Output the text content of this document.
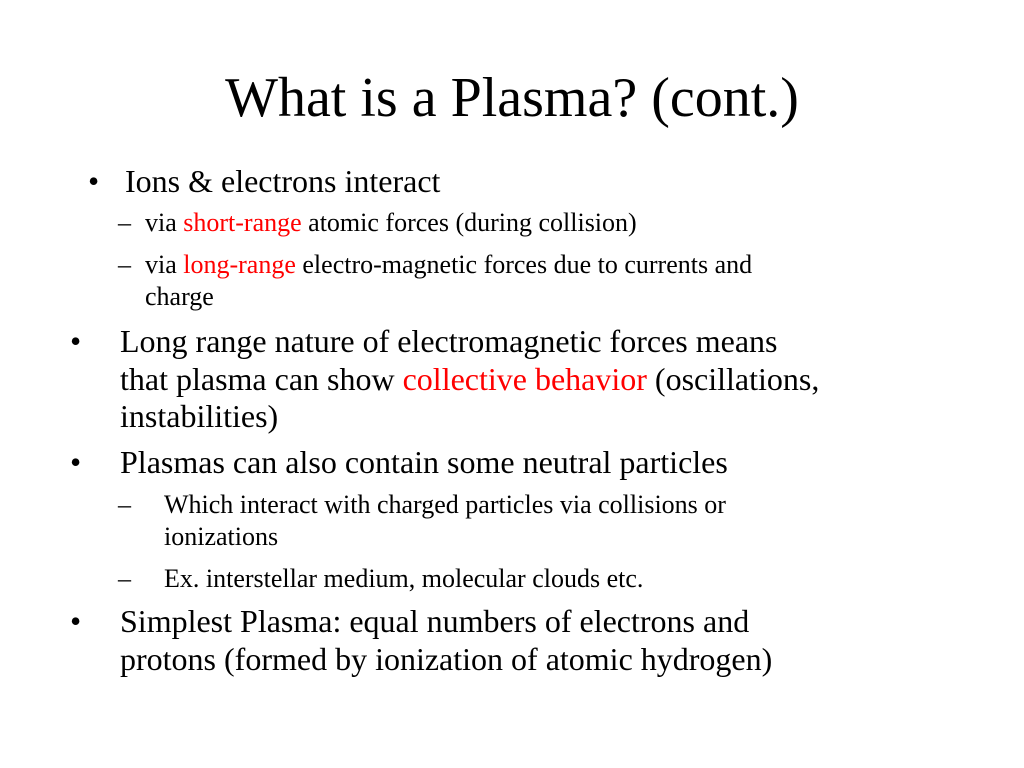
What is a Plasma? (cont.)
• Ions & electrons interact
– via short-range atomic forces (during collision)
– via long-range electro-magnetic forces due to currents and
charge
• Long range nature of electromagnetic forces means
that plasma can show collective behavior (oscillations,
instabilities)
• Plasmas can also contain some neutral particles
– Which interact with charged particles via collisions or
ionizations
– Ex. interstellar medium, molecular clouds etc.
• Simplest Plasma: equal numbers of electrons and
protons (formed by ionization of atomic hydrogen)
